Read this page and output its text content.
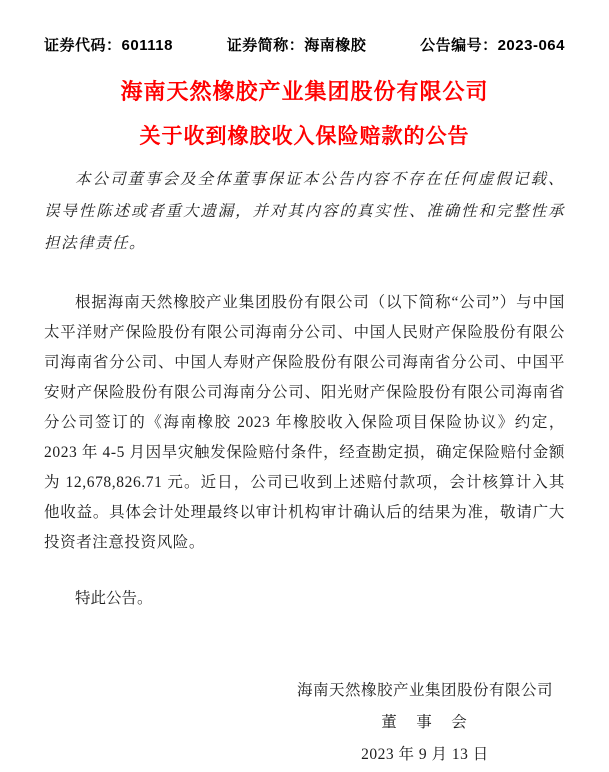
证券代码：601118	证券简称：海南橡胶	公告编号：2023-064
海南天然橡胶产业集团股份有限公司
关于收到橡胶收入保险赔款的公告

本公司董事会及全体董事保证本公告内容不存在任何虚假记载、误导性陈述或者重大遗漏，并对其内容的真实性、准确性和完整性承担法律责任。

根据海南天然橡胶产业集团股份有限公司（以下简称“公司”）与中国太平洋财产保险股份有限公司海南分公司、中国人民财产保险股份有限公司海南省分公司、中国人寿财产保险股份有限公司海南省分公司、中国平安财产保险股份有限公司海南分公司、阳光财产保险股份有限公司海南省分公司签订的《海南橡胶 2023 年橡胶收入保险项目保险协议》约定，2023 年 4-5 月因旱灾触发保险赔付条件，经查勘定损，确定保险赔付金额为 12,678,826.71 元。近日，公司已收到上述赔付款项，会计核算计入其他收益。具体会计处理最终以审计机构审计确认后的结果为准，敬请广大投资者注意投资风险。

特此公告。

海南天然橡胶产业集团股份有限公司
董　事　会
2023 年 9 月 13 日
